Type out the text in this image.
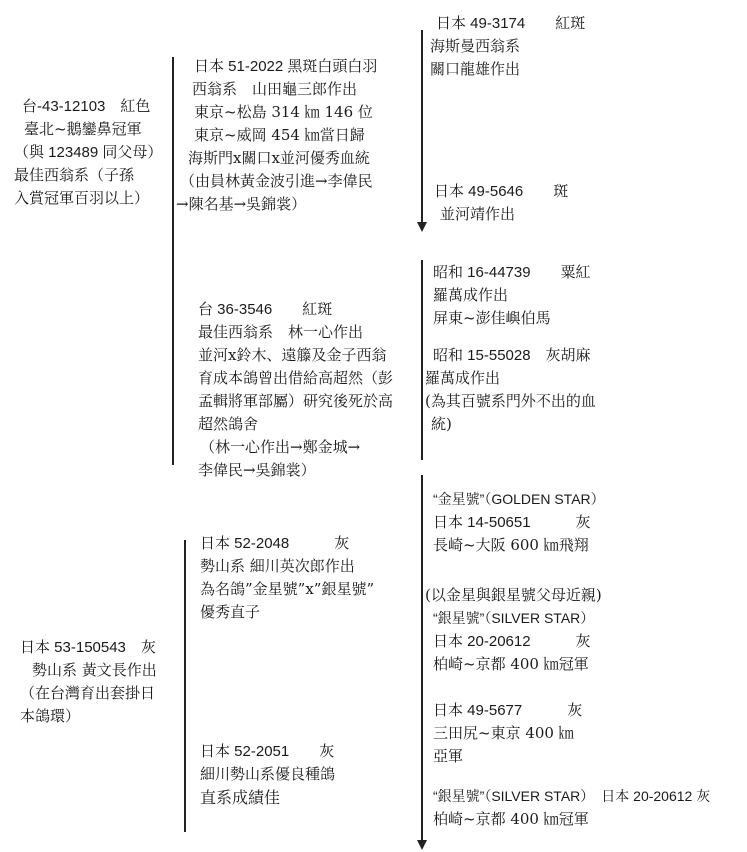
台-43-12103　紅色
臺北~鵝鑾鼻冠軍
（與 123489 同父母）
最佳西翁系（子孫
入賞冠軍百羽以上）
日本 51-2022 黑斑白頭白羽
西翁系　山田龜三郎作出
東京~松島 314 ㎞ 146 位
東京~威岡 454 ㎞當日歸
海斯門x關口x並河優秀血統
（由員林黃金波引進→李偉民
→陳名基→吳錦裳）
日本 49-3174　　紅斑
海斯曼西翁系
關口龍雄作出
日本 49-5646　　斑
並河靖作出
台 36-3546　　紅斑
最佳西翁系　林一心作出
並河x鈴木、遠籐及金子西翁
育成本鴿曾出借給高超然（彭
孟輯將軍部屬）研究後死於高
超然鴿舍
（林一心作出→鄭金城→
李偉民→吳錦裳）
昭和 16-44739　　粟紅
羅萬成作出
屏東~澎佳嶼伯馬
昭和 15-55028　灰胡麻
羅萬成作出
(為其百號系門外不出的血
統)
“金星號”（GOLDEN STAR）
日本 14-50651　　　灰
長崎~大阪 600 ㎞飛翔
(以金星與銀星號父母近親)
“銀星號”（SILVER STAR）
日本 20-20612　　　灰
柏崎~京都 400 ㎞冠軍
日本 52-2048　　　灰
勢山系 細川英次郎作出
為名鴿”金星號”x”銀星號”
優秀直子
日本 53-150543　灰
勢山系 黃文長作出
（在台灣育出套掛日
本鴿環）	日本 49-5677　　　灰
三田尻~東京 400 ㎞
亞軍
日本 52-2051　　灰
細川勢山系優良種鴿
直系成績佳	“銀星號”（SILVER STAR）　日本 20-20612 灰
柏崎~京都 400 ㎞冠軍
